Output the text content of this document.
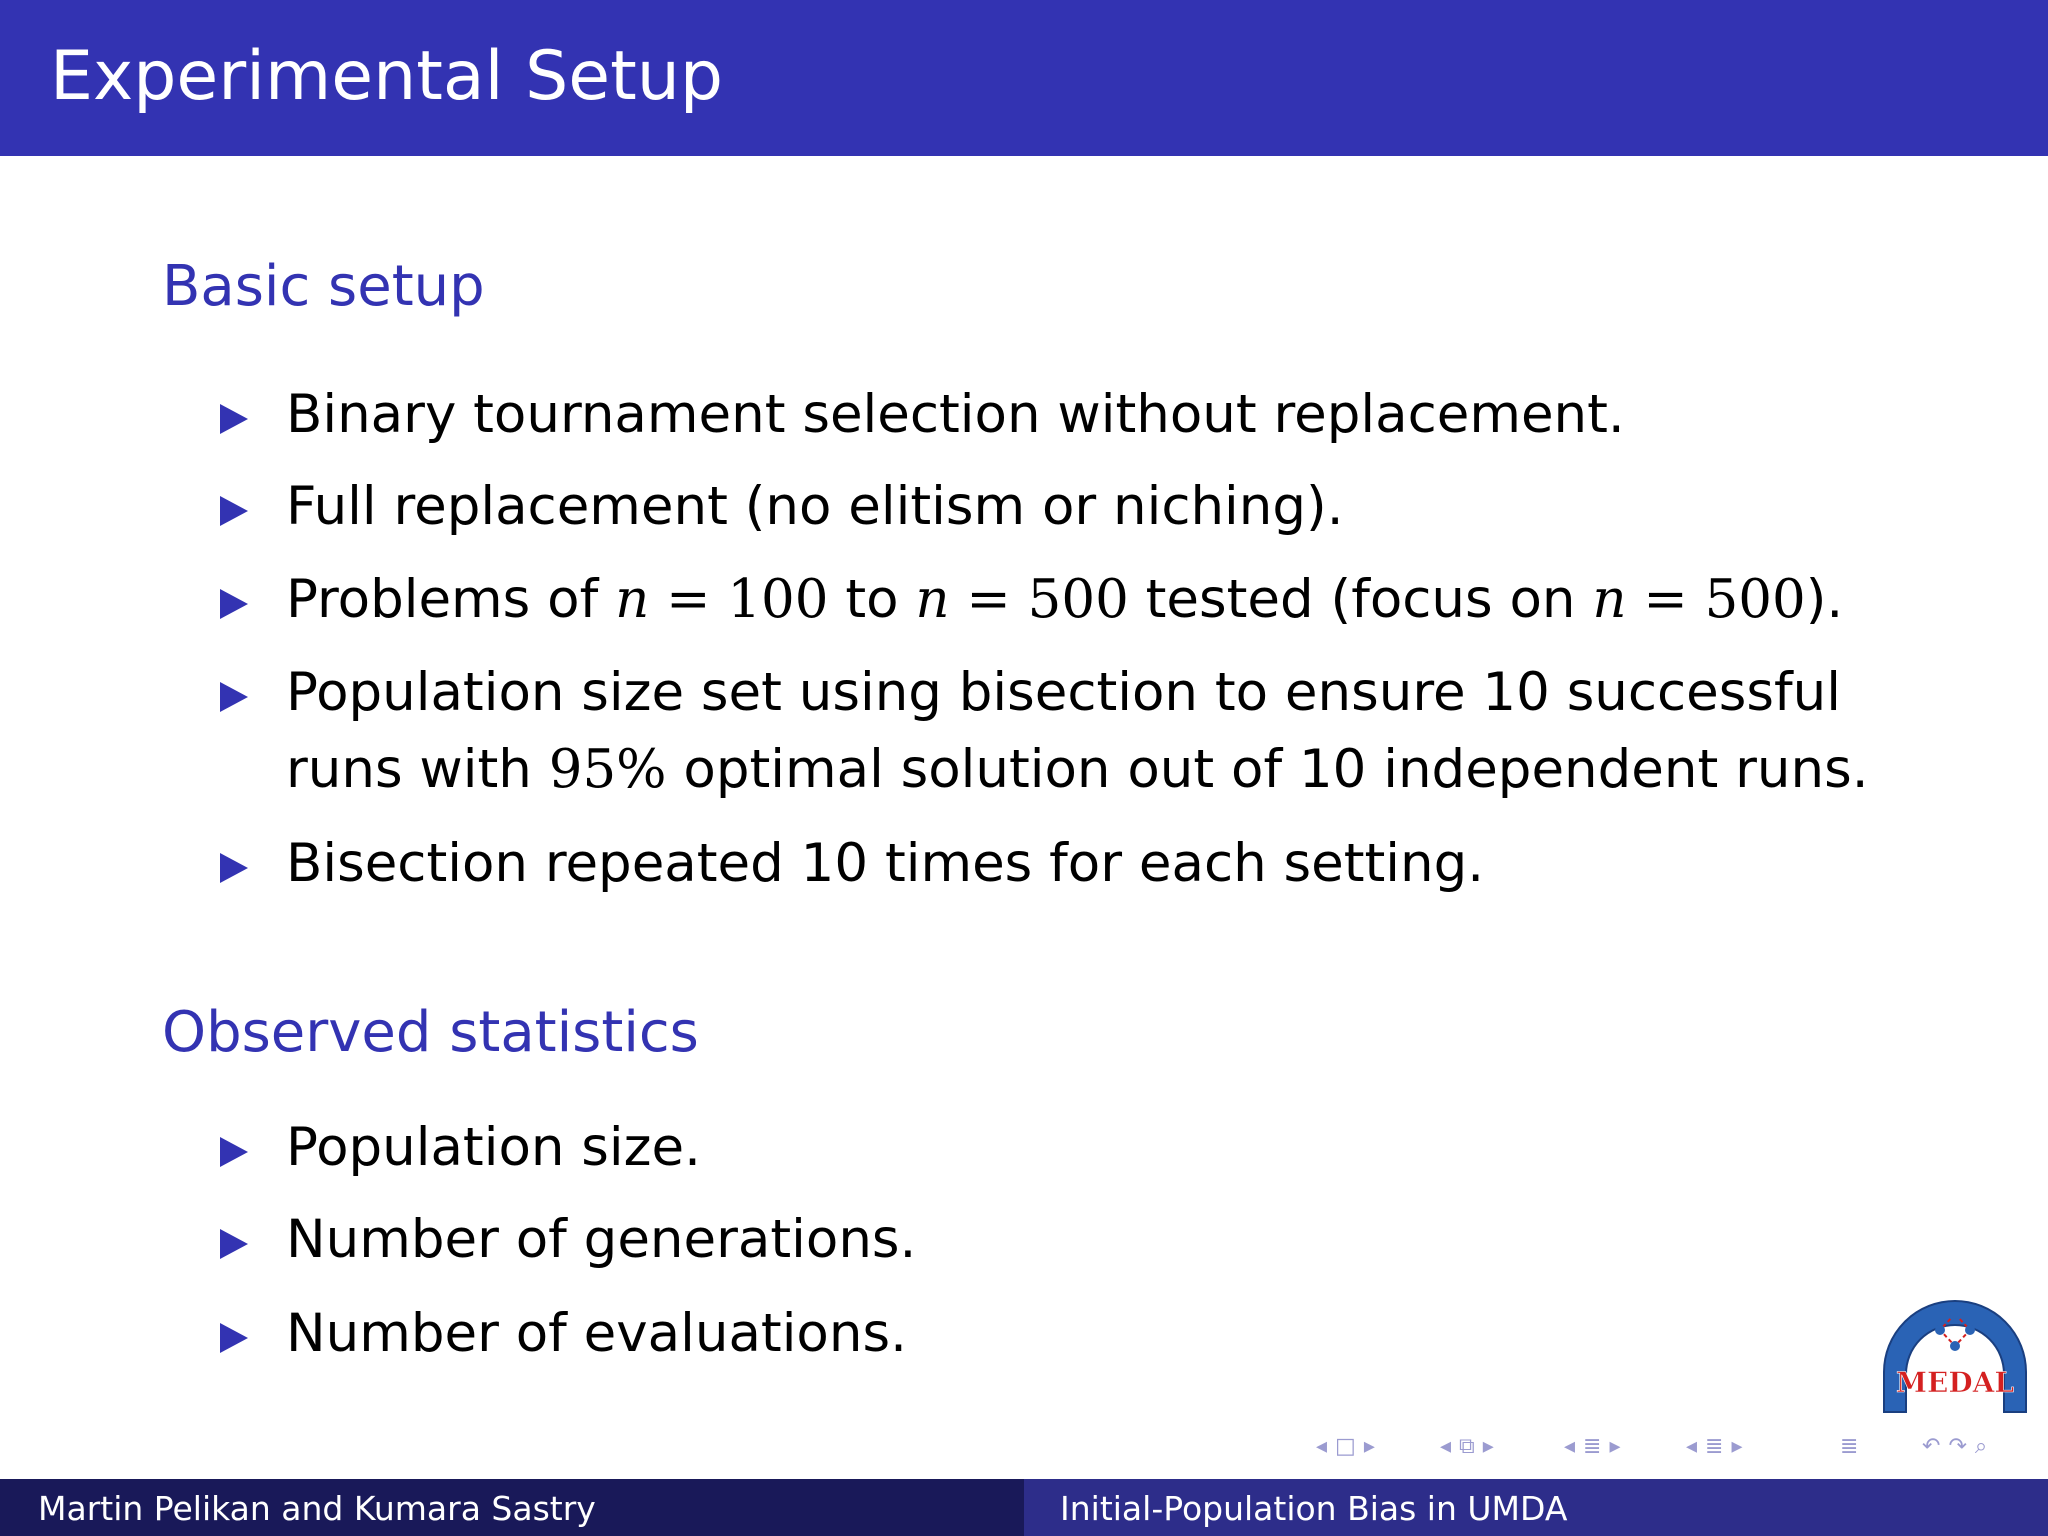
Experimental Setup
Basic setup
Binary tournament selection without replacement.
Full replacement (no elitism or niching).
Problems of n = 100 to n = 500 tested (focus on n = 500).
Population size set using bisection to ensure 10 successful
runs with 95% optimal solution out of 10 independent runs.
Bisection repeated 10 times for each setting.
Observed statistics
Population size.
Number of generations.
Number of evaluations.
MEDAL
◂ □ ▸	◂ ⧉ ▸	◂ ≣ ▸	◂ ≣ ▸	≣	↶ ↷ ⌕
Martin Pelikan and Kumara Sastry	Initial-Population Bias in UMDA
